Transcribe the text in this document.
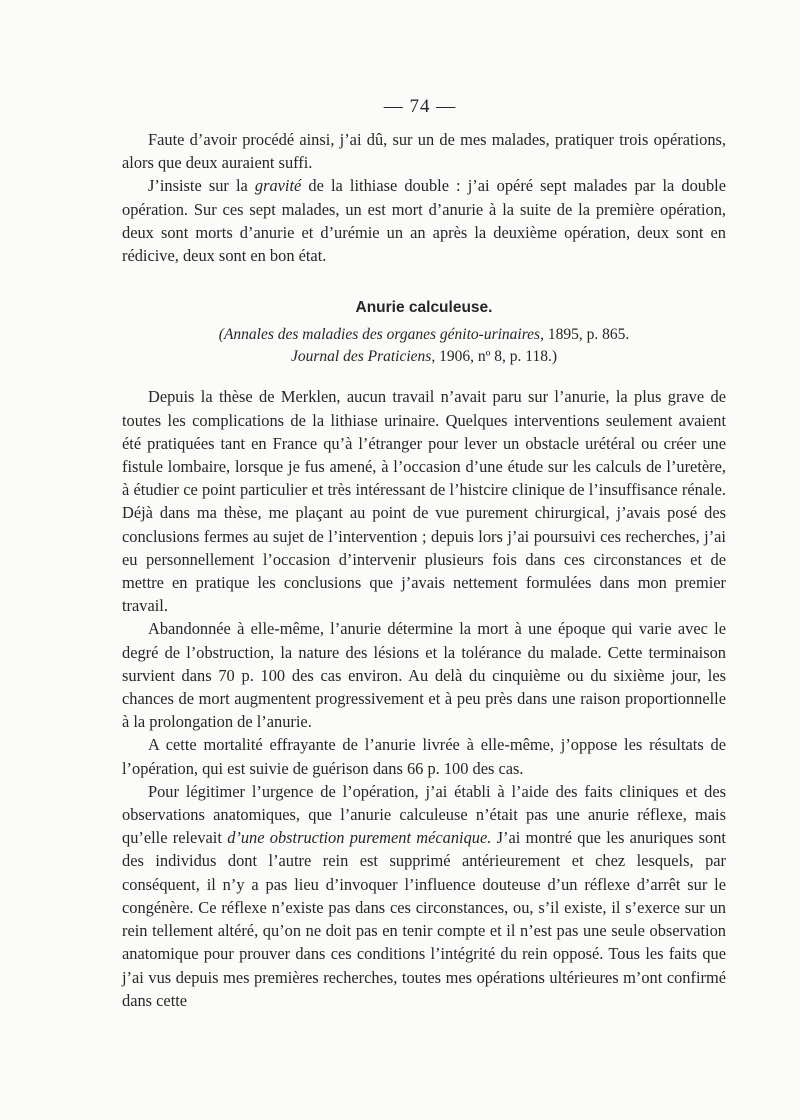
— 74 —

Faute d’avoir procédé ainsi, j’ai dû, sur un de mes malades, pratiquer trois opérations, alors que deux auraient suffi.

J’insiste sur la gravité de la lithiase double : j’ai opéré sept malades par la double opération. Sur ces sept malades, un est mort d’anurie à la suite de la première opération, deux sont morts d’anurie et d’urémie un an après la deuxième opération, deux sont en rédicive, deux sont en bon état.

Anurie calculeuse.
(Annales des maladies des organes génito-urinaires, 1895, p. 865.
Journal des Praticiens, 1906, nº 8, p. 118.)

Depuis la thèse de Merklen, aucun travail n’avait paru sur l’anurie, la plus grave de toutes les complications de la lithiase urinaire. Quelques interventions seulement avaient été pratiquées tant en France qu’à l’étranger pour lever un obstacle urétéral ou créer une fistule lombaire, lorsque je fus amené, à l’occasion d’une étude sur les calculs de l’uretère, à étudier ce point particulier et très intéressant de l’histcire clinique de l’insuffisance rénale. Déjà dans ma thèse, me plaçant au point de vue purement chirurgical, j’avais posé des conclusions fermes au sujet de l’intervention ; depuis lors j’ai poursuivi ces recherches, j’ai eu personnellement l’occasion d’intervenir plusieurs fois dans ces circonstances et de mettre en pratique les conclusions que j’avais nettement formulées dans mon premier travail.

Abandonnée à elle-même, l’anurie détermine la mort à une époque qui varie avec le degré de l’obstruction, la nature des lésions et la tolérance du malade. Cette terminaison survient dans 70 p. 100 des cas environ. Au delà du cinquième ou du sixième jour, les chances de mort augmentent progressivement et à peu près dans une raison proportionnelle à la prolongation de l’anurie.

A cette mortalité effrayante de l’anurie livrée à elle-même, j’oppose les résultats de l’opération, qui est suivie de guérison dans 66 p. 100 des cas.

Pour légitimer l’urgence de l’opération, j’ai établi à l’aide des faits cliniques et des observations anatomiques, que l’anurie calculeuse n’était pas une anurie réflexe, mais qu’elle relevait d’une obstruction purement mécanique. J’ai montré que les anuriques sont des individus dont l’autre rein est supprimé antérieurement et chez lesquels, par conséquent, il n’y a pas lieu d’invoquer l’influence douteuse d’un réflexe d’arrêt sur le congénère. Ce réflexe n’existe pas dans ces circonstances, ou, s’il existe, il s’exerce sur un rein tellement altéré, qu’on ne doit pas en tenir compte et il n’est pas une seule observation anatomique pour prouver dans ces conditions l’intégrité du rein opposé. Tous les faits que j’ai vus depuis mes premières recherches, toutes mes opérations ultérieures m’ont confirmé dans cette
